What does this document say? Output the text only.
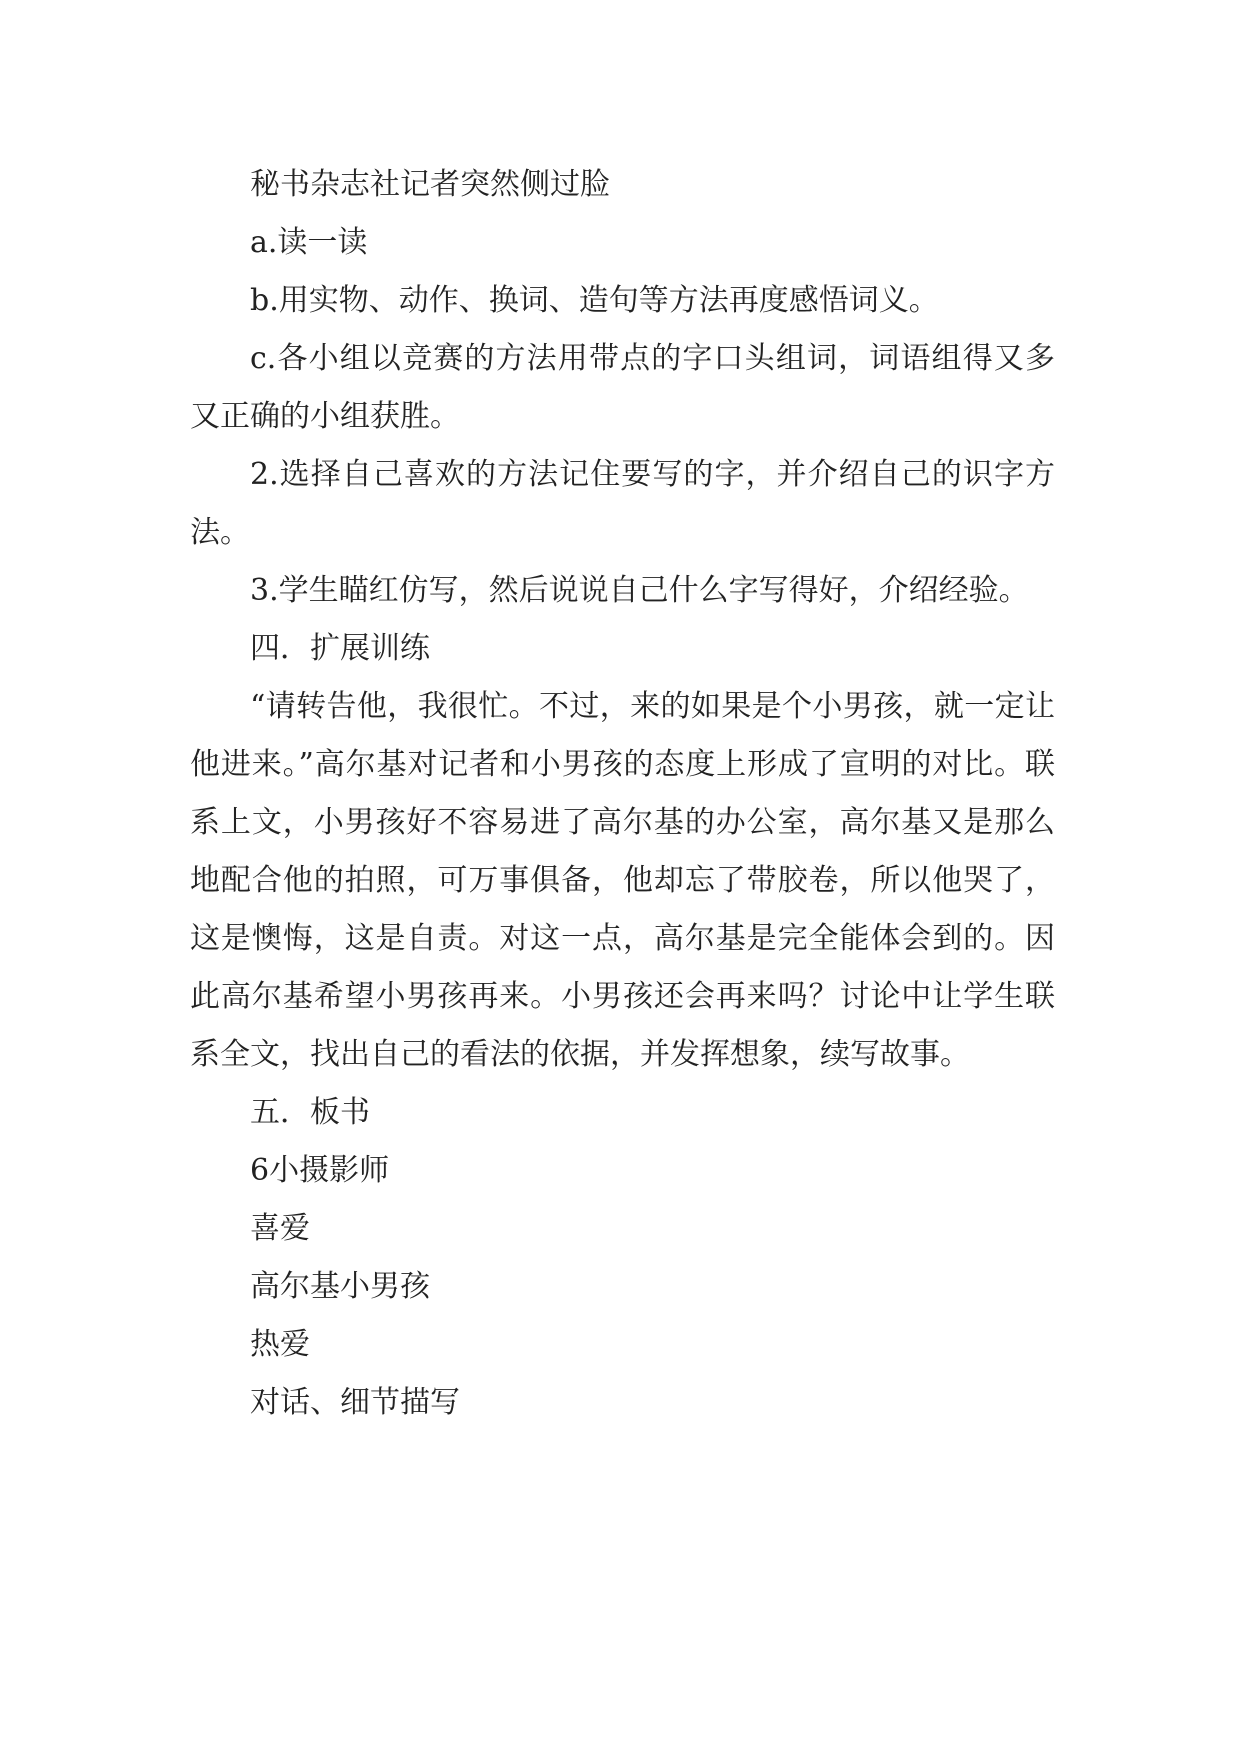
秘书杂志社记者突然侧过脸

a.读一读

b.用实物、动作、换词、造句等方法再度感悟词义。

c.各小组以竞赛的方法用带点的字口头组词，词语组得又多又正确的小组获胜。

2.选择自己喜欢的方法记住要写的字，并介绍自己的识字方法。

3.学生瞄红仿写，然后说说自己什么字写得好，介绍经验。

四．扩展训练

“请转告他，我很忙。不过，来的如果是个小男孩，就一定让他进来。”高尔基对记者和小男孩的态度上形成了宣明的对比。联系上文，小男孩好不容易进了高尔基的办公室，高尔基又是那么地配合他的拍照，可万事俱备，他却忘了带胶卷，所以他哭了，这是懊悔，这是自责。对这一点，高尔基是完全能体会到的。因此高尔基希望小男孩再来。小男孩还会再来吗？讨论中让学生联系全文，找出自己的看法的依据，并发挥想象，续写故事。

五．板书

6小摄影师

喜爱

高尔基小男孩

热爱

对话、细节描写
